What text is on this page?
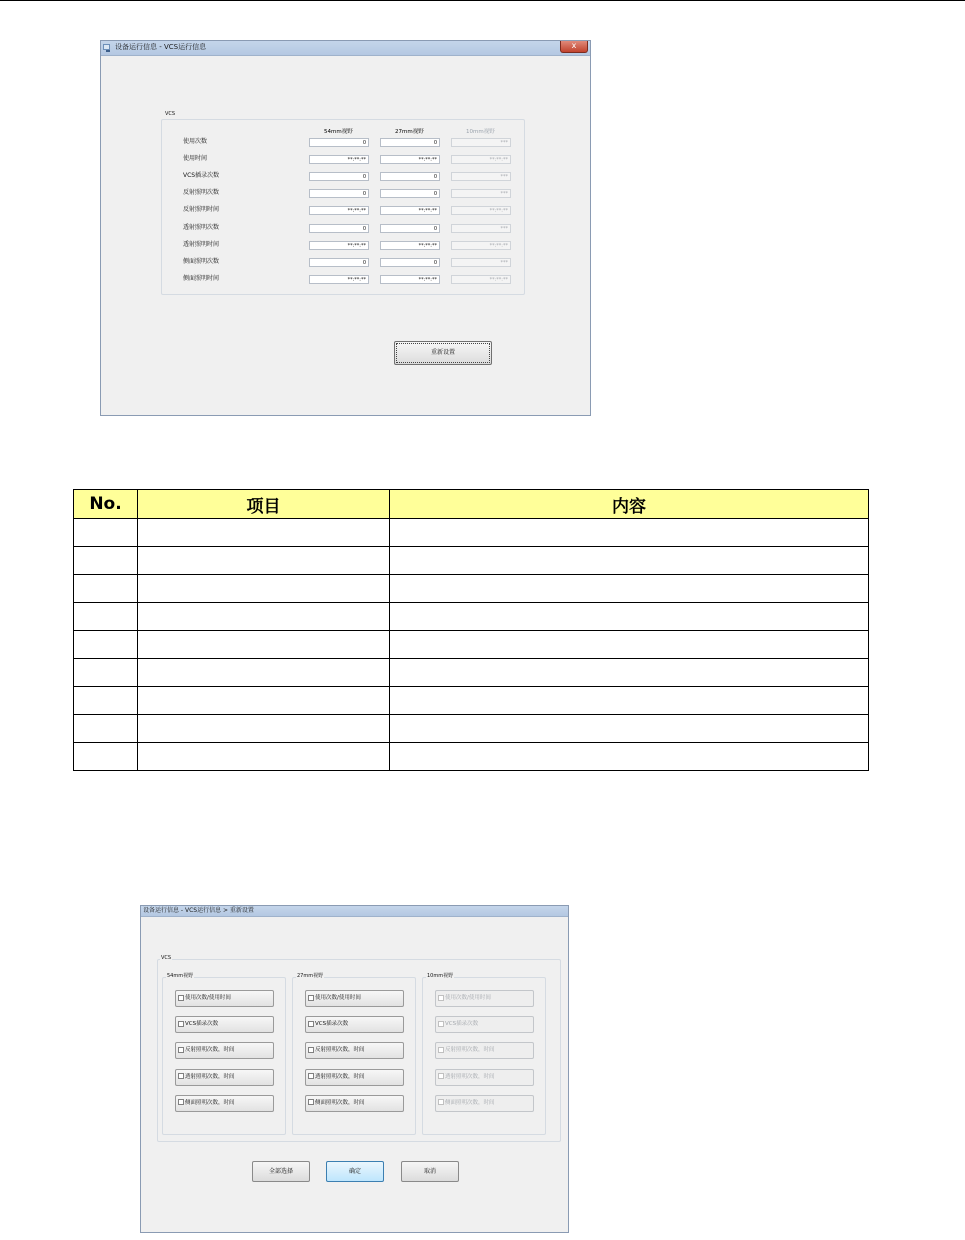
设备运行信息 - VCS运行信息	x
VCS
54mm视野	27mm视野	10mm视野
使用次数	0	0	***
使用时间	**:**:**	**:**:**	**:**:**
VCS插录次数	0	0	***
反射照明次数	0	0	***
反射照明时间	**:**:**	**:**:**	**:**:**
透射照明次数	0	0	***
透射照明时间	**:**:**	**:**:**	**:**:**
侧面照明次数	0	0	***
侧面照明时间	**:**:**	**:**:**	**:**:**
重新设置
No.	项目	内容

设备运行信息 - VCS运行信息 > 重新设置
VCS
54mm视野
使用次数/使用时间
VCS插录次数
反射照明次数，时间
透射照明次数，时间
侧面照明次数，时间
27mm视野
使用次数/使用时间
VCS插录次数
反射照明次数，时间
透射照明次数，时间
侧面照明次数，时间
10mm视野
使用次数/使用时间
VCS插录次数
反射照明次数，时间
透射照明次数，时间
侧面照明次数，时间
全部选择	确定	取消
